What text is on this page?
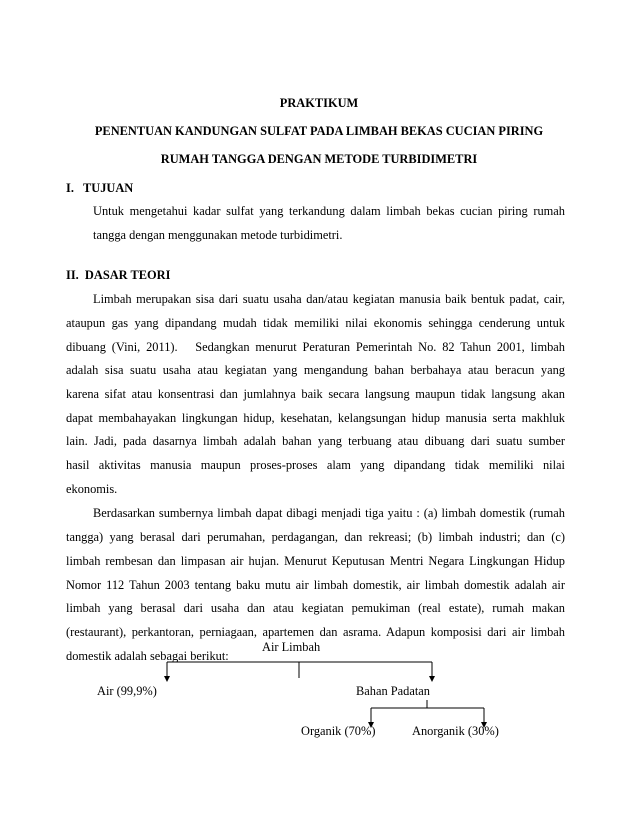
PRAKTIKUM
PENENTUAN KANDUNGAN SULFAT PADA LIMBAH BEKAS CUCIAN PIRING
RUMAH TANGGA DENGAN METODE TURBIDIMETRI
I.   TUJUAN
Untuk mengetahui kadar sulfat yang terkandung dalam limbah bekas cucian piring rumah
tangga dengan menggunakan metode turbidimetri.
II.  DASAR TEORI
Limbah merupakan sisa dari suatu usaha dan/atau kegiatan manusia baik bentuk padat, cair,
ataupun gas yang dipandang mudah tidak memiliki nilai ekonomis sehingga cenderung untuk
dibuang (Vini, 2011).   Sedangkan menurut Peraturan Pemerintah No. 82 Tahun 2001, limbah
adalah sisa suatu usaha atau kegiatan yang mengandung bahan berbahaya atau beracun yang
karena sifat atau konsentrasi dan jumlahnya baik secara langsung maupun tidak langsung akan
dapat membahayakan lingkungan hidup, kesehatan, kelangsungan hidup manusia serta makhluk
lain. Jadi, pada dasarnya limbah adalah bahan yang terbuang atau dibuang dari suatu sumber
hasil aktivitas manusia maupun proses-proses alam yang dipandang tidak memiliki nilai
ekonomis.
Berdasarkan sumbernya limbah dapat dibagi menjadi tiga yaitu : (a) limbah domestik (rumah
tangga) yang berasal dari perumahan, perdagangan, dan rekreasi; (b) limbah industri; dan (c)
limbah rembesan dan limpasan air hujan. Menurut Keputusan Mentri Negara Lingkungan Hidup
Nomor 112 Tahun 2003 tentang baku mutu air limbah domestik, air limbah domestik adalah air
limbah yang berasal dari usaha dan atau kegiatan pemukiman (real estate), rumah makan
(restaurant), perkantoran, perniagaan, apartemen dan asrama. Adapun komposisi dari air limbah
domestik adalah sebagai berikut:
Air Limbah
Air (99,9%)	Bahan Padatan
Organik (70%)	Anorganik (30%)
